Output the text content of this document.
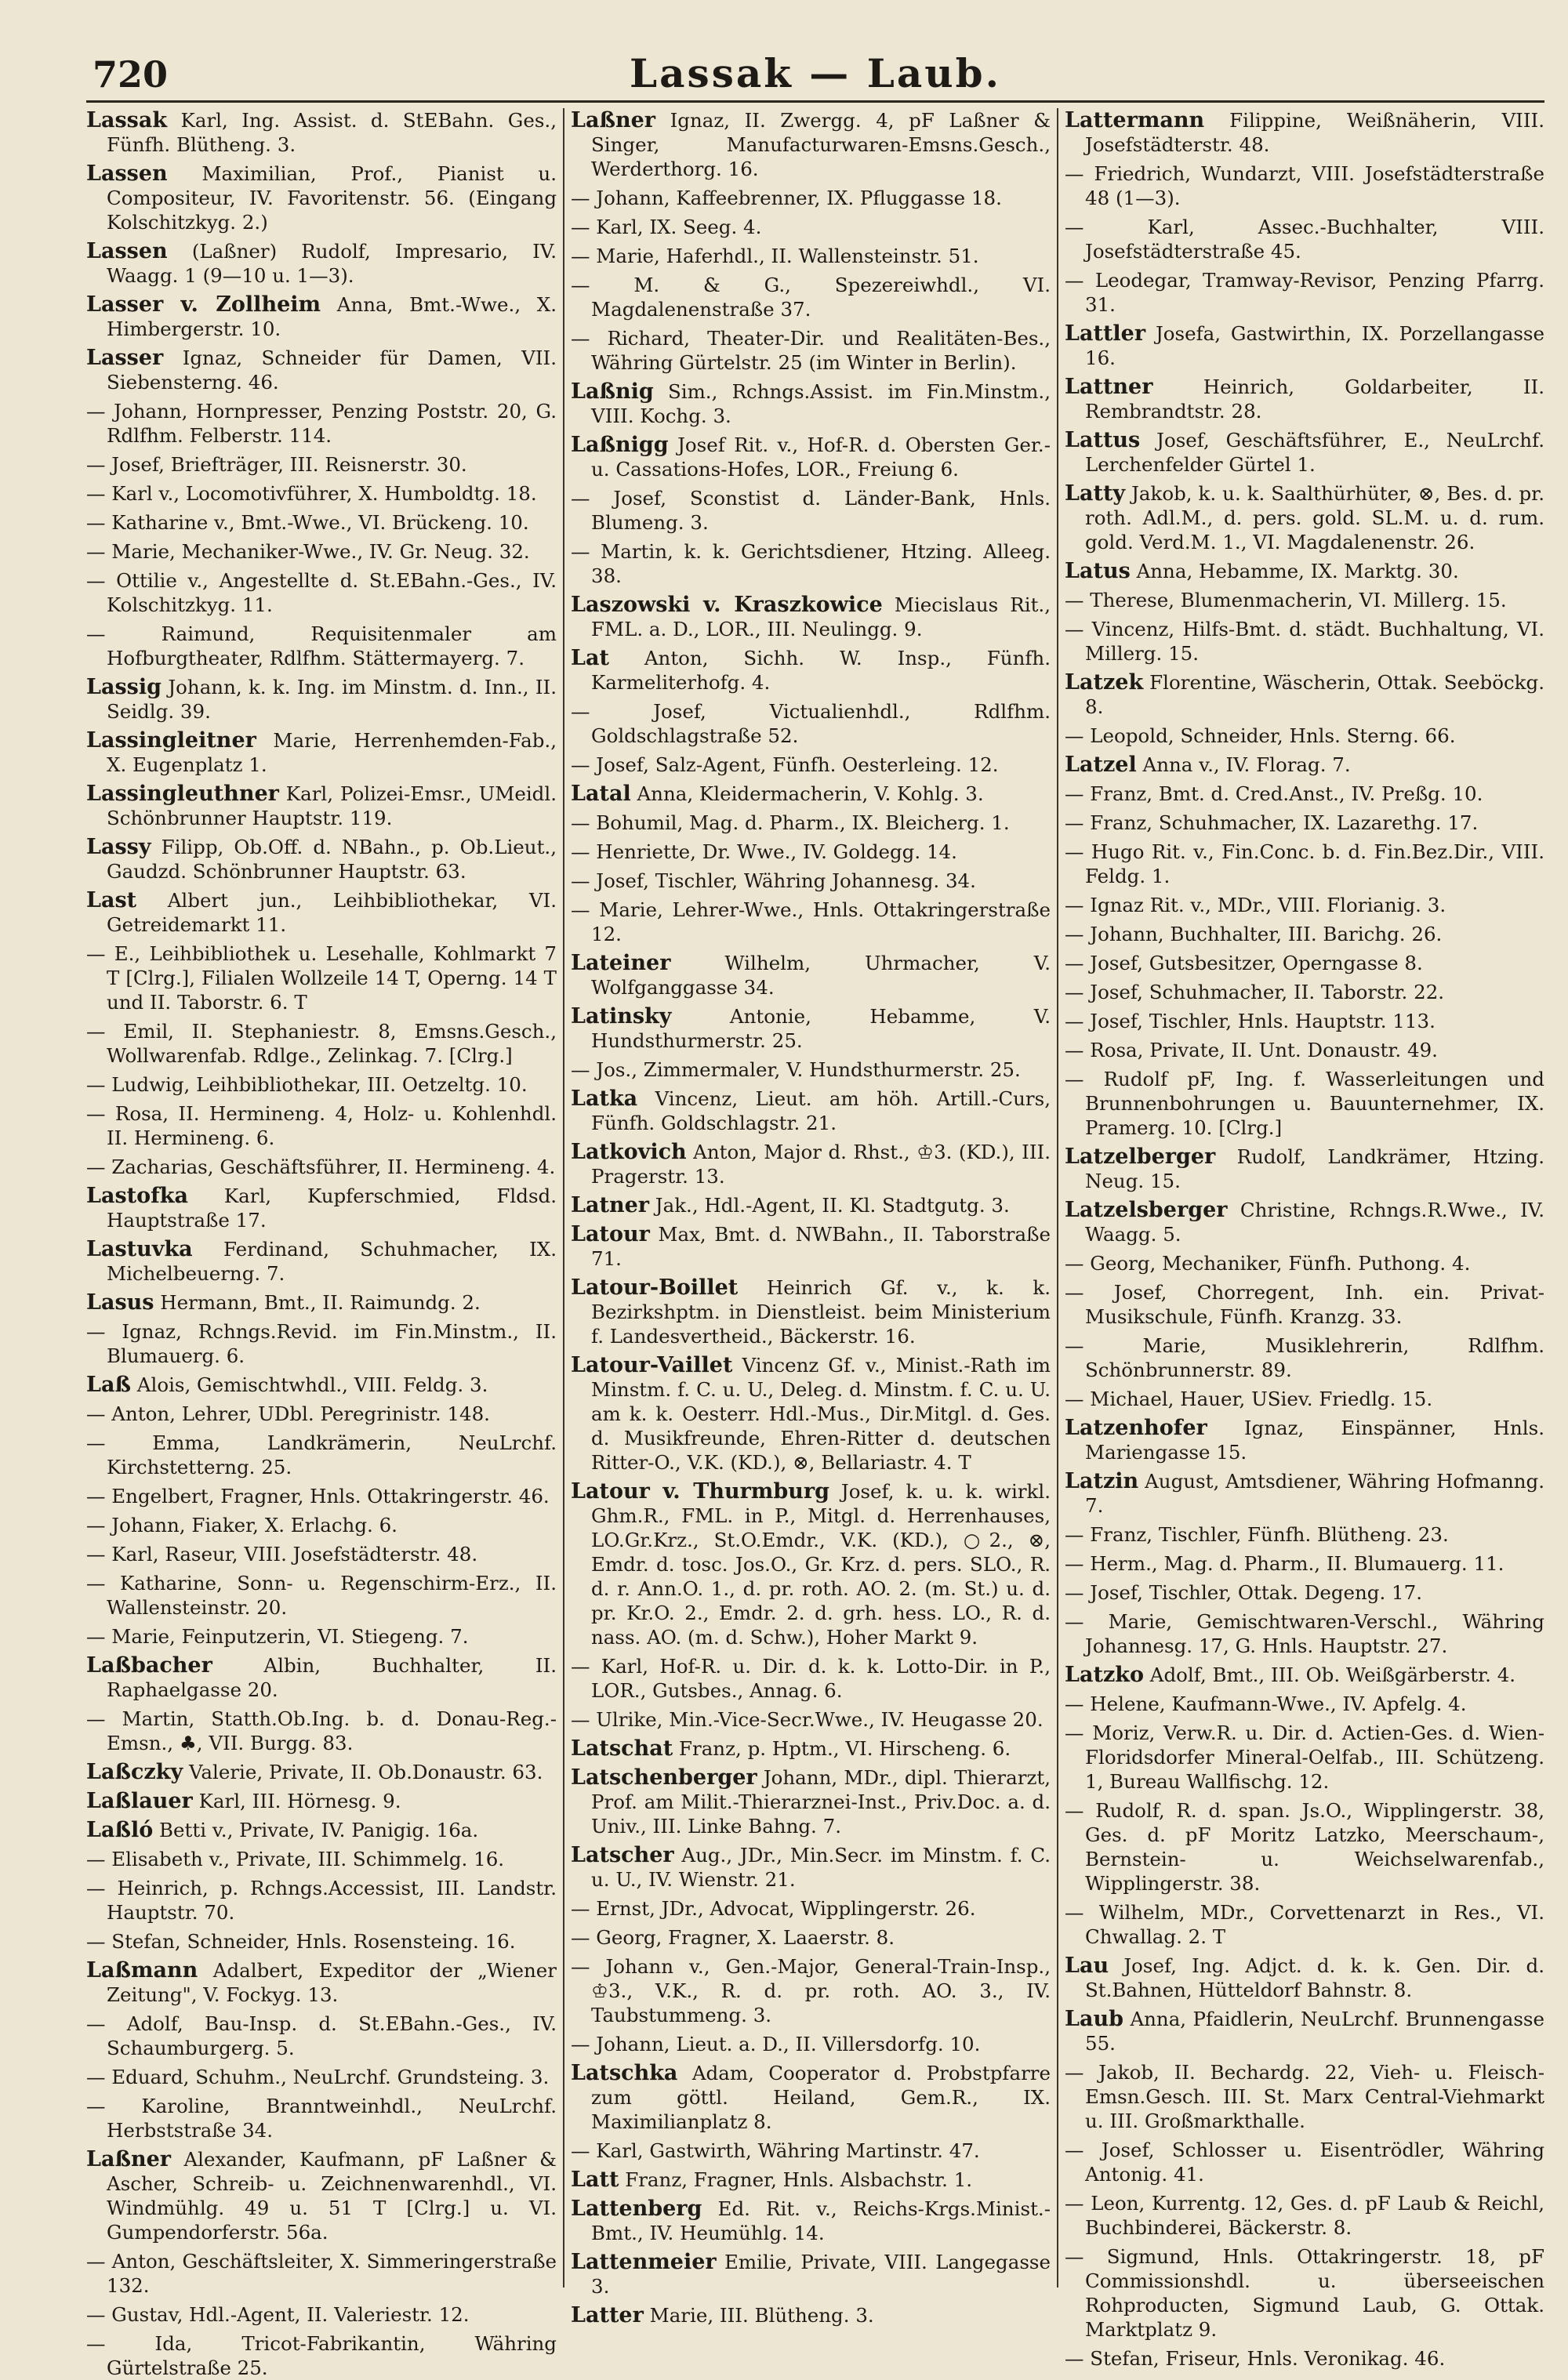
720	Lassak — Laub.

Lassak Karl, Ing. Assist. d. StEBahn. Ges., Fünfh. Blütheng. 3.

Lassen Maximilian, Prof., Pianist u. Compositeur, IV. Favoritenstr. 56. (Eingang Kolschitzkyg. 2.)

Lassen (Laßner) Rudolf, Impresario, IV. Waagg. 1 (9—10 u. 1—3).

Lasser v. Zollheim Anna, Bmt.-Wwe., X. Himbergerstr. 10.

Lasser Ignaz, Schneider für Damen, VII. Siebensterng. 46.

— Johann, Hornpresser, Penzing Poststr. 20, G. Rdlfhm. Felberstr. 114.

— Josef, Briefträger, III. Reisnerstr. 30.

— Karl v., Locomotivführer, X. Humboldtg. 18.

— Katharine v., Bmt.-Wwe., VI. Brückeng. 10.

— Marie, Mechaniker-Wwe., IV. Gr. Neug. 32.

— Ottilie v., Angestellte d. St.EBahn.-Ges., IV. Kolschitzkyg. 11.

— Raimund, Requisitenmaler am Hofburgtheater, Rdlfhm. Stättermayerg. 7.

Lassig Johann, k. k. Ing. im Minstm. d. Inn., II. Seidlg. 39.

Lassingleitner Marie, Herrenhemden-Fab., X. Eugenplatz 1.

Lassingleuthner Karl, Polizei-Emsr., UMeidl. Schönbrunner Hauptstr. 119.

Lassy Filipp, Ob.Off. d. NBahn., p. Ob.Lieut., Gaudzd. Schönbrunner Hauptstr. 63.

Last Albert jun., Leihbibliothekar, VI. Getreidemarkt 11.

— E., Leihbibliothek u. Lesehalle, Kohlmarkt 7 T [Clrg.], Filialen Wollzeile 14 T, Operng. 14 T und II. Taborstr. 6. T

— Emil, II. Stephaniestr. 8, Emsns.Gesch., Wollwarenfab. Rdlge., Zelinkag. 7. [Clrg.]

— Ludwig, Leihbibliothekar, III. Oetzeltg. 10.

— Rosa, II. Hermineng. 4, Holz- u. Kohlenhdl. II. Hermineng. 6.

— Zacharias, Geschäftsführer, II. Hermineng. 4.

Lastofka Karl, Kupferschmied, Fldsd. Hauptstraße 17.

Lastuvka Ferdinand, Schuhmacher, IX. Michelbeuerng. 7.

Lasus Hermann, Bmt., II. Raimundg. 2.

— Ignaz, Rchngs.Revid. im Fin.Minstm., II. Blumauerg. 6.

Laß Alois, Gemischtwhdl., VIII. Feldg. 3.

— Anton, Lehrer, UDbl. Peregrinistr. 148.

— Emma, Landkrämerin, NeuLrchf. Kirchstetterng. 25.

— Engelbert, Fragner, Hnls. Ottakringerstr. 46.

— Johann, Fiaker, X. Erlachg. 6.

— Karl, Raseur, VIII. Josefstädterstr. 48.

— Katharine, Sonn- u. Regenschirm-Erz., II. Wallensteinstr. 20.

— Marie, Feinputzerin, VI. Stiegeng. 7.

Laßbacher Albin, Buchhalter, II. Raphaelgasse 20.

— Martin, Statth.Ob.Ing. b. d. Donau-Reg.-Emsn., ♣, VII. Burgg. 83.

Laßczky Valerie, Private, II. Ob.Donaustr. 63.

Laßlauer Karl, III. Hörnesg. 9.

Laßló Betti v., Private, IV. Panigig. 16a.

— Elisabeth v., Private, III. Schimmelg. 16.

— Heinrich, p. Rchngs.Accessist, III. Landstr. Hauptstr. 70.

— Stefan, Schneider, Hnls. Rosensteing. 16.

Laßmann Adalbert, Expeditor der „Wiener Zeitung", V. Fockyg. 13.

— Adolf, Bau-Insp. d. St.EBahn.-Ges., IV. Schaumburgerg. 5.

— Eduard, Schuhm., NeuLrchf. Grundsteing. 3.

— Karoline, Branntweinhdl., NeuLrchf. Herbststraße 34.

Laßner Alexander, Kaufmann, pF Laßner & Ascher, Schreib- u. Zeichnenwarenhdl., VI. Windmühlg. 49 u. 51 T [Clrg.] u. VI. Gumpendorferstr. 56a.

— Anton, Geschäftsleiter, X. Simmeringerstraße 132.

— Gustav, Hdl.-Agent, II. Valeriestr. 12.

— Ida, Tricot-Fabrikantin, Währing Gürtelstraße 25.

Laßner Ignaz, II. Zwergg. 4, pF Laßner & Singer, Manufacturwaren-Emsns.Gesch., Werderthorg. 16.

— Johann, Kaffeebrenner, IX. Pfluggasse 18.

— Karl, IX. Seeg. 4.

— Marie, Haferhdl., II. Wallensteinstr. 51.

— M. & G., Spezereiwhdl., VI. Magdalenenstraße 37.

— Richard, Theater-Dir. und Realitäten-Bes., Währing Gürtelstr. 25 (im Winter in Berlin).

Laßnig Sim., Rchngs.Assist. im Fin.Minstm., VIII. Kochg. 3.

Laßnigg Josef Rit. v., Hof-R. d. Obersten Ger.- u. Cassations-Hofes, LOR., Freiung 6.

— Josef, Sconstist d. Länder-Bank, Hnls. Blumeng. 3.

— Martin, k. k. Gerichtsdiener, Htzing. Alleeg. 38.

Laszowski v. Kraszkowice Miecislaus Rit., FML. a. D., LOR., III. Neulingg. 9.

Lat Anton, Sichh. W. Insp., Fünfh. Karmeliterhofg. 4.

— Josef, Victualienhdl., Rdlfhm. Goldschlagstraße 52.

— Josef, Salz-Agent, Fünfh. Oesterleing. 12.

Latal Anna, Kleidermacherin, V. Kohlg. 3.

— Bohumil, Mag. d. Pharm., IX. Bleicherg. 1.

— Henriette, Dr. Wwe., IV. Goldegg. 14.

— Josef, Tischler, Währing Johannesg. 34.

— Marie, Lehrer-Wwe., Hnls. Ottakringerstraße 12.

Lateiner Wilhelm, Uhrmacher, V. Wolfganggasse 34.

Latinsky Antonie, Hebamme, V. Hundsthurmerstr. 25.

— Jos., Zimmermaler, V. Hundsthurmerstr. 25.

Latka Vincenz, Lieut. am höh. Artill.-Curs, Fünfh. Goldschlagstr. 21.

Latkovich Anton, Major d. Rhst., ♔3. (KD.), III. Pragerstr. 13.

Latner Jak., Hdl.-Agent, II. Kl. Stadtgutg. 3.

Latour Max, Bmt. d. NWBahn., II. Taborstraße 71.

Latour-Boillet Heinrich Gf. v., k. k. Bezirkshptm. in Dienstleist. beim Ministerium f. Landesvertheid., Bäckerstr. 16.

Latour-Vaillet Vincenz Gf. v., Minist.-Rath im Minstm. f. C. u. U., Deleg. d. Minstm. f. C. u. U. am k. k. Oesterr. Hdl.-Mus., Dir.Mitgl. d. Ges. d. Musikfreunde, Ehren-Ritter d. deutschen Ritter-O., V.K. (KD.), ⊗, Bellariastr. 4. T

Latour v. Thurmburg Josef, k. u. k. wirkl. Ghm.R., FML. in P., Mitgl. d. Herrenhauses, LO.Gr.Krz., St.O.Emdr., V.K. (KD.), ○2., ⊗, Emdr. d. tosc. Jos.O., Gr. Krz. d. pers. SLO., R. d. r. Ann.O. 1., d. pr. roth. AO. 2. (m. St.) u. d. pr. Kr.O. 2., Emdr. 2. d. grh. hess. LO., R. d. nass. AO. (m. d. Schw.), Hoher Markt 9.

— Karl, Hof-R. u. Dir. d. k. k. Lotto-Dir. in P., LOR., Gutsbes., Annag. 6.

— Ulrike, Min.-Vice-Secr.Wwe., IV. Heugasse 20.

Latschat Franz, p. Hptm., VI. Hirscheng. 6.

Latschenberger Johann, MDr., dipl. Thierarzt, Prof. am Milit.-Thierarznei-Inst., Priv.Doc. a. d. Univ., III. Linke Bahng. 7.

Latscher Aug., JDr., Min.Secr. im Minstm. f. C. u. U., IV. Wienstr. 21.

— Ernst, JDr., Advocat, Wipplingerstr. 26.

— Georg, Fragner, X. Laaerstr. 8.

— Johann v., Gen.-Major, General-Train-Insp., ♔3., V.K., R. d. pr. roth. AO. 3., IV. Taubstummeng. 3.

— Johann, Lieut. a. D., II. Villersdorfg. 10.

Latschka Adam, Cooperator d. Probstpfarre zum göttl. Heiland, Gem.R., IX. Maximilianplatz 8.

— Karl, Gastwirth, Währing Martinstr. 47.

Latt Franz, Fragner, Hnls. Alsbachstr. 1.

Lattenberg Ed. Rit. v., Reichs-Krgs.Minist.-Bmt., IV. Heumühlg. 14.

Lattenmeier Emilie, Private, VIII. Langegasse 3.

Latter Marie, III. Blütheng. 3.

Lattermann Filippine, Weißnäherin, VIII. Josefstädterstr. 48.

— Friedrich, Wundarzt, VIII. Josefstädterstraße 48 (1—3).

— Karl, Assec.-Buchhalter, VIII. Josefstädterstraße 45.

— Leodegar, Tramway-Revisor, Penzing Pfarrg. 31.

Lattler Josefa, Gastwirthin, IX. Porzellangasse 16.

Lattner Heinrich, Goldarbeiter, II. Rembrandtstr. 28.

Lattus Josef, Geschäftsführer, E., NeuLrchf. Lerchenfelder Gürtel 1.

Latty Jakob, k. u. k. Saalthürhüter, ⊗, Bes. d. pr. roth. Adl.M., d. pers. gold. SL.M. u. d. rum. gold. Verd.M. 1., VI. Magdalenenstr. 26.

Latus Anna, Hebamme, IX. Marktg. 30.

— Therese, Blumenmacherin, VI. Millerg. 15.

— Vincenz, Hilfs-Bmt. d. städt. Buchhaltung, VI. Millerg. 15.

Latzek Florentine, Wäscherin, Ottak. Seeböckg. 8.

— Leopold, Schneider, Hnls. Sterng. 66.

Latzel Anna v., IV. Florag. 7.

— Franz, Bmt. d. Cred.Anst., IV. Preßg. 10.

— Franz, Schuhmacher, IX. Lazarethg. 17.

— Hugo Rit. v., Fin.Conc. b. d. Fin.Bez.Dir., VIII. Feldg. 1.

— Ignaz Rit. v., MDr., VIII. Florianig. 3.

— Johann, Buchhalter, III. Barichg. 26.

— Josef, Gutsbesitzer, Operngasse 8.

— Josef, Schuhmacher, II. Taborstr. 22.

— Josef, Tischler, Hnls. Hauptstr. 113.

— Rosa, Private, II. Unt. Donaustr. 49.

— Rudolf pF, Ing. f. Wasserleitungen und Brunnenbohrungen u. Bauunternehmer, IX. Pramerg. 10. [Clrg.]

Latzelberger Rudolf, Landkrämer, Htzing. Neug. 15.

Latzelsberger Christine, Rchngs.R.Wwe., IV. Waagg. 5.

— Georg, Mechaniker, Fünfh. Puthong. 4.

— Josef, Chorregent, Inh. ein. Privat-Musikschule, Fünfh. Kranzg. 33.

— Marie, Musiklehrerin, Rdlfhm. Schönbrunnerstr. 89.

— Michael, Hauer, USiev. Friedlg. 15.

Latzenhofer Ignaz, Einspänner, Hnls. Mariengasse 15.

Latzin August, Amtsdiener, Währing Hofmanng. 7.

— Franz, Tischler, Fünfh. Blütheng. 23.

— Herm., Mag. d. Pharm., II. Blumauerg. 11.

— Josef, Tischler, Ottak. Degeng. 17.

— Marie, Gemischtwaren-Verschl., Währing Johannesg. 17, G. Hnls. Hauptstr. 27.

Latzko Adolf, Bmt., III. Ob. Weißgärberstr. 4.

— Helene, Kaufmann-Wwe., IV. Apfelg. 4.

— Moriz, Verw.R. u. Dir. d. Actien-Ges. d. Wien-Floridsdorfer Mineral-Oelfab., III. Schützeng. 1, Bureau Wallfischg. 12.

— Rudolf, R. d. span. Js.O., Wipplingerstr. 38, Ges. d. pF Moritz Latzko, Meerschaum-, Bernstein- u. Weichselwarenfab., Wipplingerstr. 38.

— Wilhelm, MDr., Corvettenarzt in Res., VI. Chwallag. 2. T

Lau Josef, Ing. Adjct. d. k. k. Gen. Dir. d. St.Bahnen, Hütteldorf Bahnstr. 8.

Laub Anna, Pfaidlerin, NeuLrchf. Brunnengasse 55.

— Jakob, II. Bechardg. 22, Vieh- u. Fleisch-Emsn.Gesch. III. St. Marx Central-Viehmarkt u. III. Großmarkthalle.

— Josef, Schlosser u. Eisentrödler, Währing Antonig. 41.

— Leon, Kurrentg. 12, Ges. d. pF Laub & Reichl, Buchbinderei, Bäckerstr. 8.

— Sigmund, Hnls. Ottakringerstr. 18, pF Commissionshdl. u. überseeischen Rohproducten, Sigmund Laub, G. Ottak. Marktplatz 9.

— Stefan, Friseur, Hnls. Veronikag. 46.
